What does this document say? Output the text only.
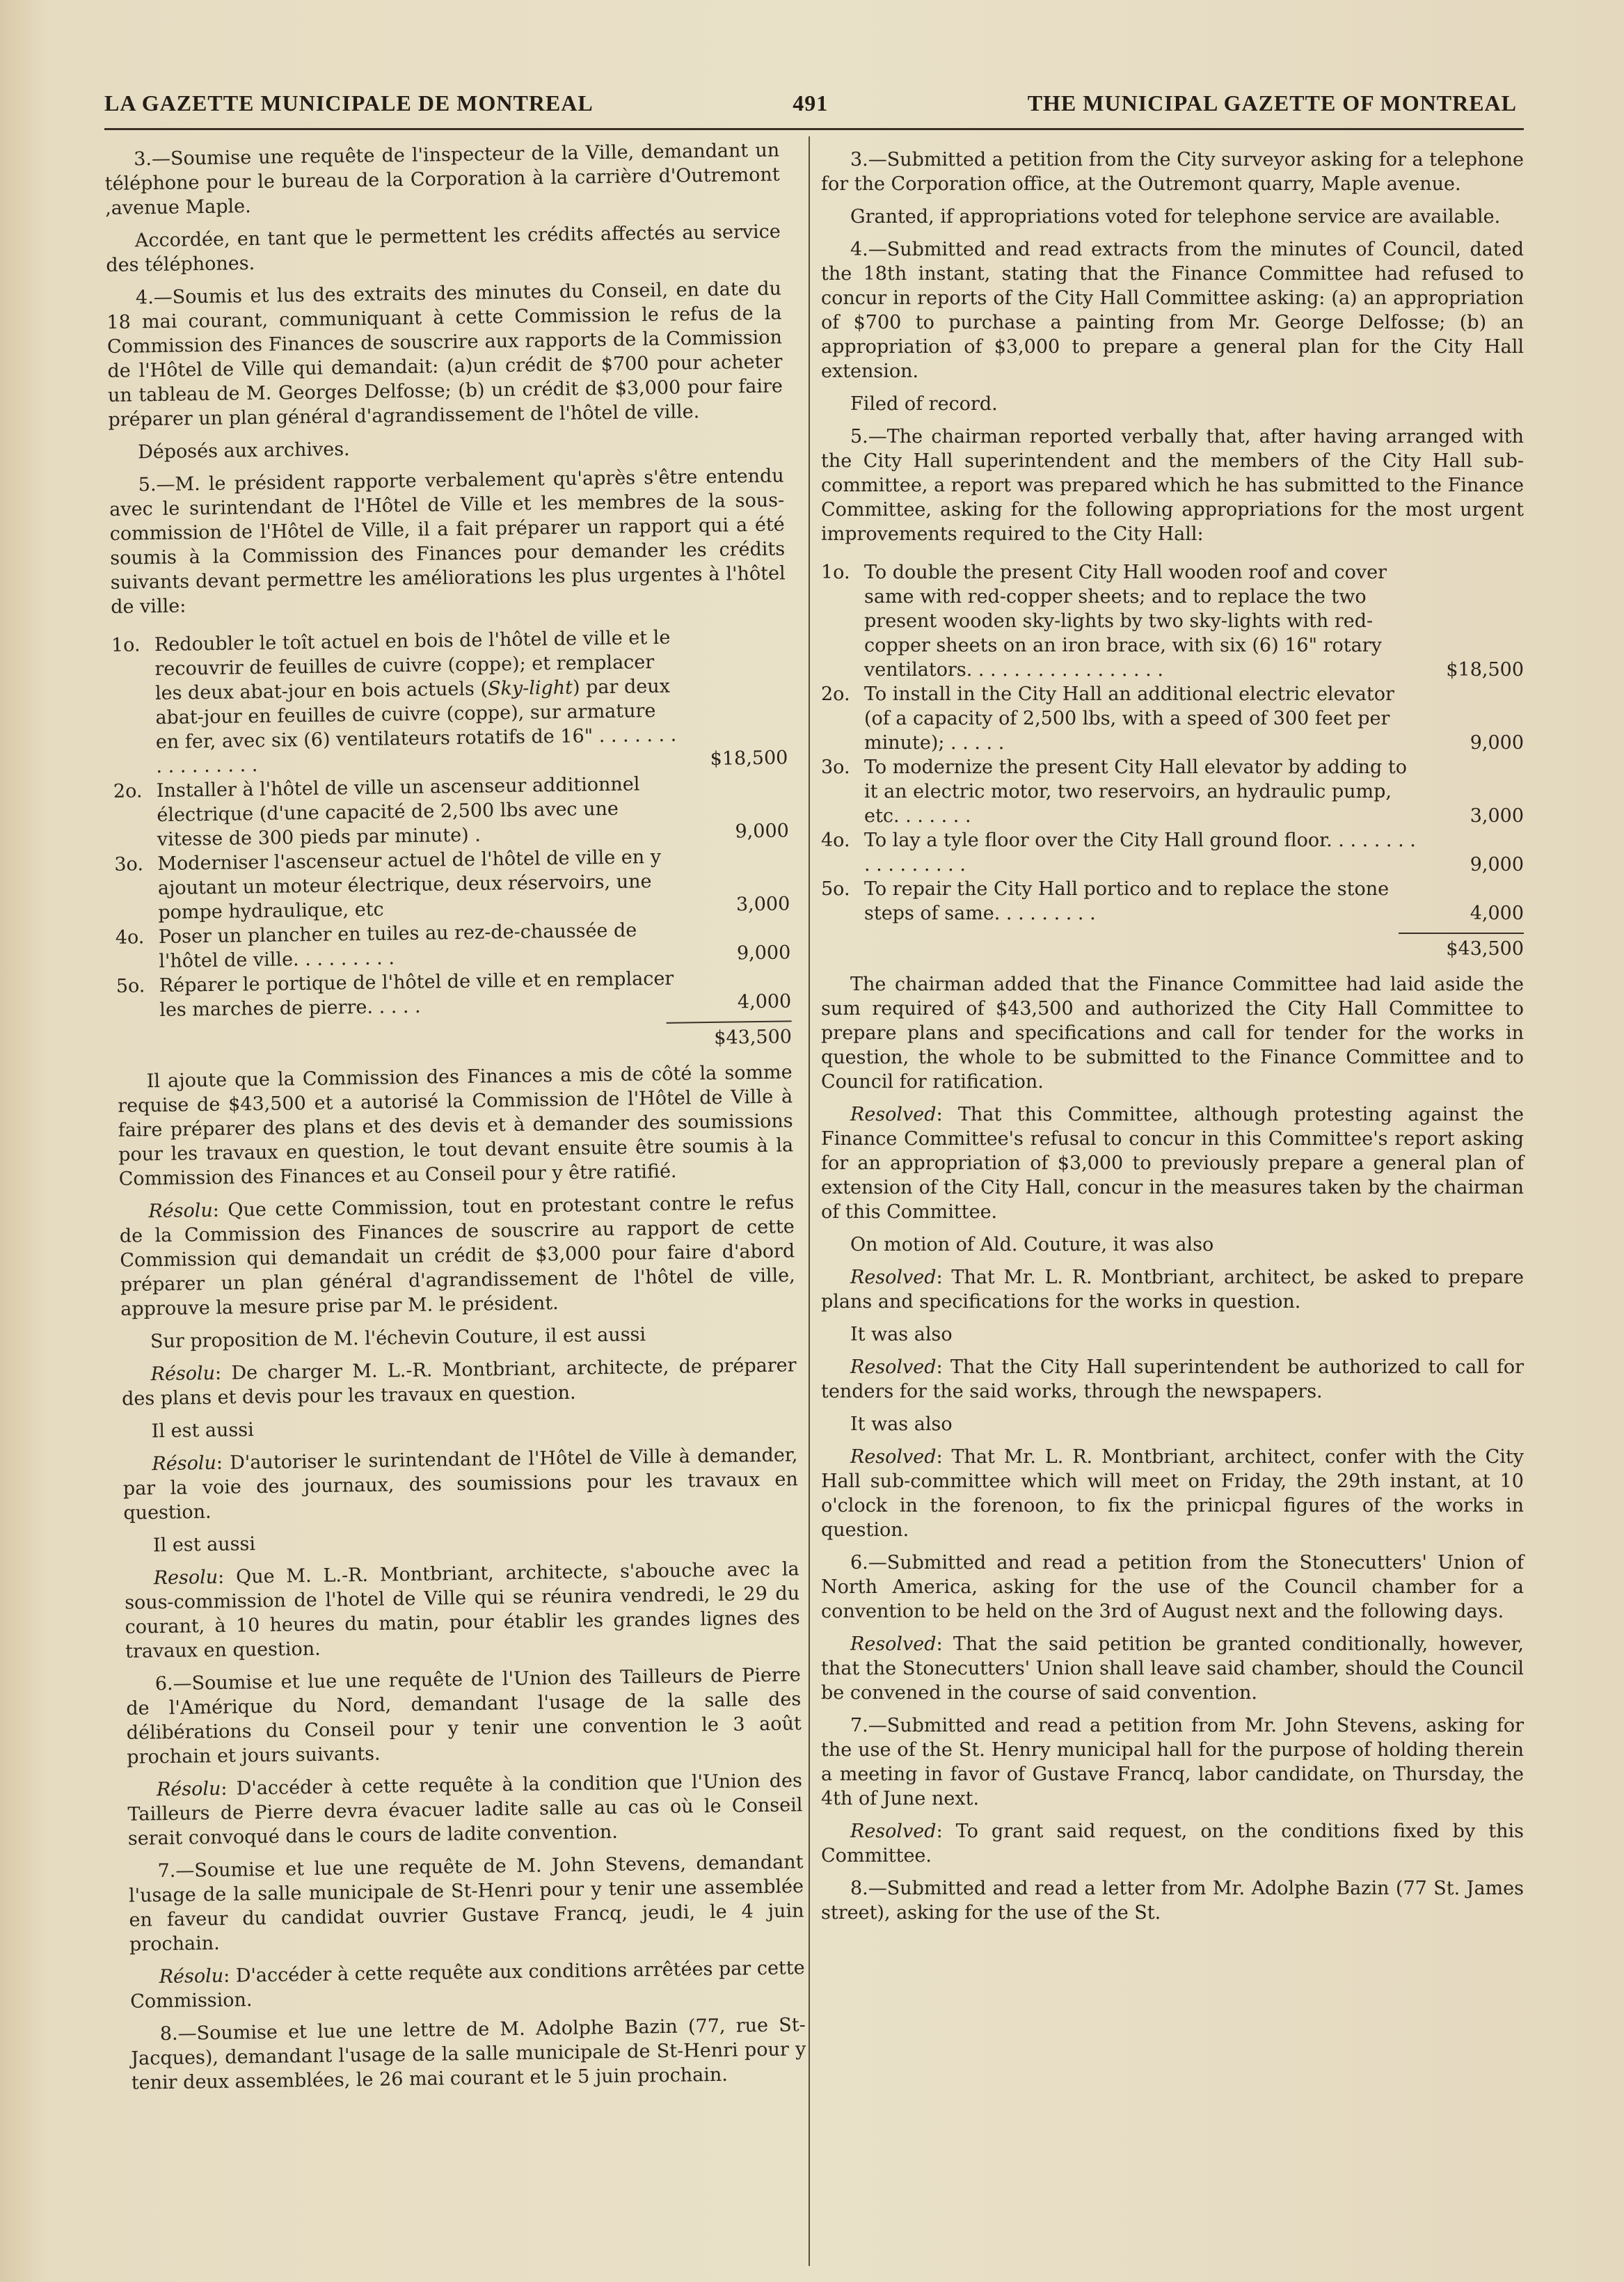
LA GAZETTE MUNICIPALE DE MONTREAL	491	THE MUNICIPAL GAZETTE OF MONTREAL

3.—Soumise une requête de l'inspecteur de la Ville, demandant un téléphone pour le bureau de la Corporation à la carrière d'Outremont ,avenue Maple.

Accordée, en tant que le permettent les crédits affectés au service des téléphones.

4.—Soumis et lus des extraits des minutes du Conseil, en date du 18 mai courant, communiquant à cette Commission le refus de la Commission des Finances de souscrire aux rapports de la Commission de l'Hôtel de Ville qui demandait: (a)un crédit de $700 pour acheter un tableau de M. Georges Delfosse; (b) un crédit de $3,000 pour faire préparer un plan général d'agrandissement de l'hôtel de ville.

Déposés aux archives.

5.—M. le président rapporte verbalement qu'après s'être entendu avec le surintendant de l'Hôtel de Ville et les membres de la sous-commission de l'Hôtel de Ville, il a fait préparer un rapport qui a été soumis à la Commission des Finances pour demander les crédits suivants devant permettre les améliorations les plus urgentes à l'hôtel de ville:

1o.	Redoubler le toît actuel en bois de l'hôtel de ville et le recouvrir de feuilles de cuivre (coppe); et remplacer les deux abat-jour en bois actuels (Sky-light) par deux abat-jour en feuilles de cuivre (coppe), sur armature en fer, avec six (6) ventilateurs rotatifs de 16" . . . . . . . . . . . . . . . .	$18,500
2o.	Installer à l'hôtel de ville un ascenseur additionnel électrique (d'une capacité de 2,500 lbs avec une vitesse de 300 pieds par minute) .	9,000
3o.	Moderniser l'ascenseur actuel de l'hôtel de ville en y ajoutant un moteur électrique, deux réservoirs, une pompe hydraulique, etc	3,000
4o.	Poser un plancher en tuiles au rez-de-chaussée de l'hôtel de ville. . . . . . . . .	9,000
5o.	Réparer le portique de l'hôtel de ville et en remplacer les marches de pierre. . . . .	4,000
$43,500

Il ajoute que la Commission des Finances a mis de côté la somme requise de $43,500 et a autorisé la Commission de l'Hôtel de Ville à faire préparer des plans et des devis et à demander des soumissions pour les travaux en question, le tout devant ensuite être soumis à la Commission des Finances et au Conseil pour y être ratifié.

Résolu: Que cette Commission, tout en protestant contre le refus de la Commission des Finances de souscrire au rapport de cette Commission qui demandait un crédit de $3,000 pour faire d'abord préparer un plan général d'agrandissement de l'hôtel de ville, approuve la mesure prise par M. le président.

Sur proposition de M. l'échevin Couture, il est aussi

Résolu: De charger M. L.-R. Montbriant, architecte, de préparer des plans et devis pour les travaux en question.

Il est aussi

Résolu: D'autoriser le surintendant de l'Hôtel de Ville à demander, par la voie des journaux, des soumissions pour les travaux en question.

Il est aussi

Resolu: Que M. L.-R. Montbriant, architecte, s'abouche avec la sous-commission de l'hotel de Ville qui se réunira vendredi, le 29 du courant, à 10 heures du matin, pour établir les grandes lignes des travaux en question.

6.—Soumise et lue une requête de l'Union des Tailleurs de Pierre de l'Amérique du Nord, demandant l'usage de la salle des délibérations du Conseil pour y tenir une convention le 3 août prochain et jours suivants.

Résolu: D'accéder à cette requête à la condition que l'Union des Tailleurs de Pierre devra évacuer ladite salle au cas où le Conseil serait convoqué dans le cours de ladite convention.

7.—Soumise et lue une requête de M. John Stevens, demandant l'usage de la salle municipale de St-Henri pour y tenir une assemblée en faveur du candidat ouvrier Gustave Francq, jeudi, le 4 juin prochain.

Résolu: D'accéder à cette requête aux conditions arrêtées par cette Commission.

8.—Soumise et lue une lettre de M. Adolphe Bazin (77, rue St-Jacques), demandant l'usage de la salle municipale de St-Henri pour y tenir deux assemblées, le 26 mai courant et le 5 juin prochain.

3.—Submitted a petition from the City surveyor asking for a telephone for the Corporation office, at the Outremont quarry, Maple avenue.

Granted, if appropriations voted for telephone service are available.

4.—Submitted and read extracts from the minutes of Council, dated the 18th instant, stating that the Finance Committee had refused to concur in reports of the City Hall Committee asking: (a) an appropriation of $700 to purchase a painting from Mr. George Delfosse; (b) an appropriation of $3,000 to prepare a general plan for the City Hall extension.

Filed of record.

5.—The chairman reported verbally that, after having arranged with the City Hall superintendent and the members of the City Hall sub-committee, a report was prepared which he has submitted to the Finance Committee, asking for the following appropriations for the most urgent improvements required to the City Hall:

1o.	To double the present City Hall wooden roof and cover same with red-copper sheets; and to replace the two present wooden sky-lights by two sky-lights with red-copper sheets on an iron brace, with six (6) 16" rotary ventilators. . . . . . . . . . . . . . . . .	$18,500
2o.	To install in the City Hall an additional electric elevator (of a capacity of 2,500 lbs, with a speed of 300 feet per minute); . . . . .	9,000
3o.	To modernize the present City Hall elevator by adding to it an electric motor, two reservoirs, an hydraulic pump, etc. . . . . . .	3,000
4o.	To lay a tyle floor over the City Hall ground floor. . . . . . . . . . . . . . . . .	9,000
5o.	To repair the City Hall portico and to replace the stone steps of same. . . . . . . . .	4,000
$43,500

The chairman added that the Finance Committee had laid aside the sum required of $43,500 and authorized the City Hall Committee to prepare plans and specifications and call for tender for the works in question, the whole to be submitted to the Finance Committee and to Council for ratification.

Resolved: That this Committee, although protesting against the Finance Committee's refusal to concur in this Committee's report asking for an appropriation of $3,000 to previously prepare a general plan of extension of the City Hall, concur in the measures taken by the chairman of this Committee.

On motion of Ald. Couture, it was also

Resolved: That Mr. L. R. Montbriant, architect, be asked to prepare plans and specifications for the works in question.

It was also

Resolved: That the City Hall superintendent be authorized to call for tenders for the said works, through the newspapers.

It was also

Resolved: That Mr. L. R. Montbriant, architect, confer with the City Hall sub-committee which will meet on Friday, the 29th instant, at 10 o'clock in the forenoon, to fix the prinicpal figures of the works in question.

6.—Submitted and read a petition from the Stonecutters' Union of North America, asking for the use of the Council chamber for a convention to be held on the 3rd of August next and the following days.

Resolved: That the said petition be granted conditionally, however, that the Stonecutters' Union shall leave said chamber, should the Council be convened in the course of said convention.

7.—Submitted and read a petition from Mr. John Stevens, asking for the use of the St. Henry municipal hall for the purpose of holding therein a meeting in favor of Gustave Francq, labor candidate, on Thursday, the 4th of June next.

Resolved: To grant said request, on the conditions fixed by this Committee.

8.—Submitted and read a letter from Mr. Adolphe Bazin (77 St. James street), asking for the use of the St.
